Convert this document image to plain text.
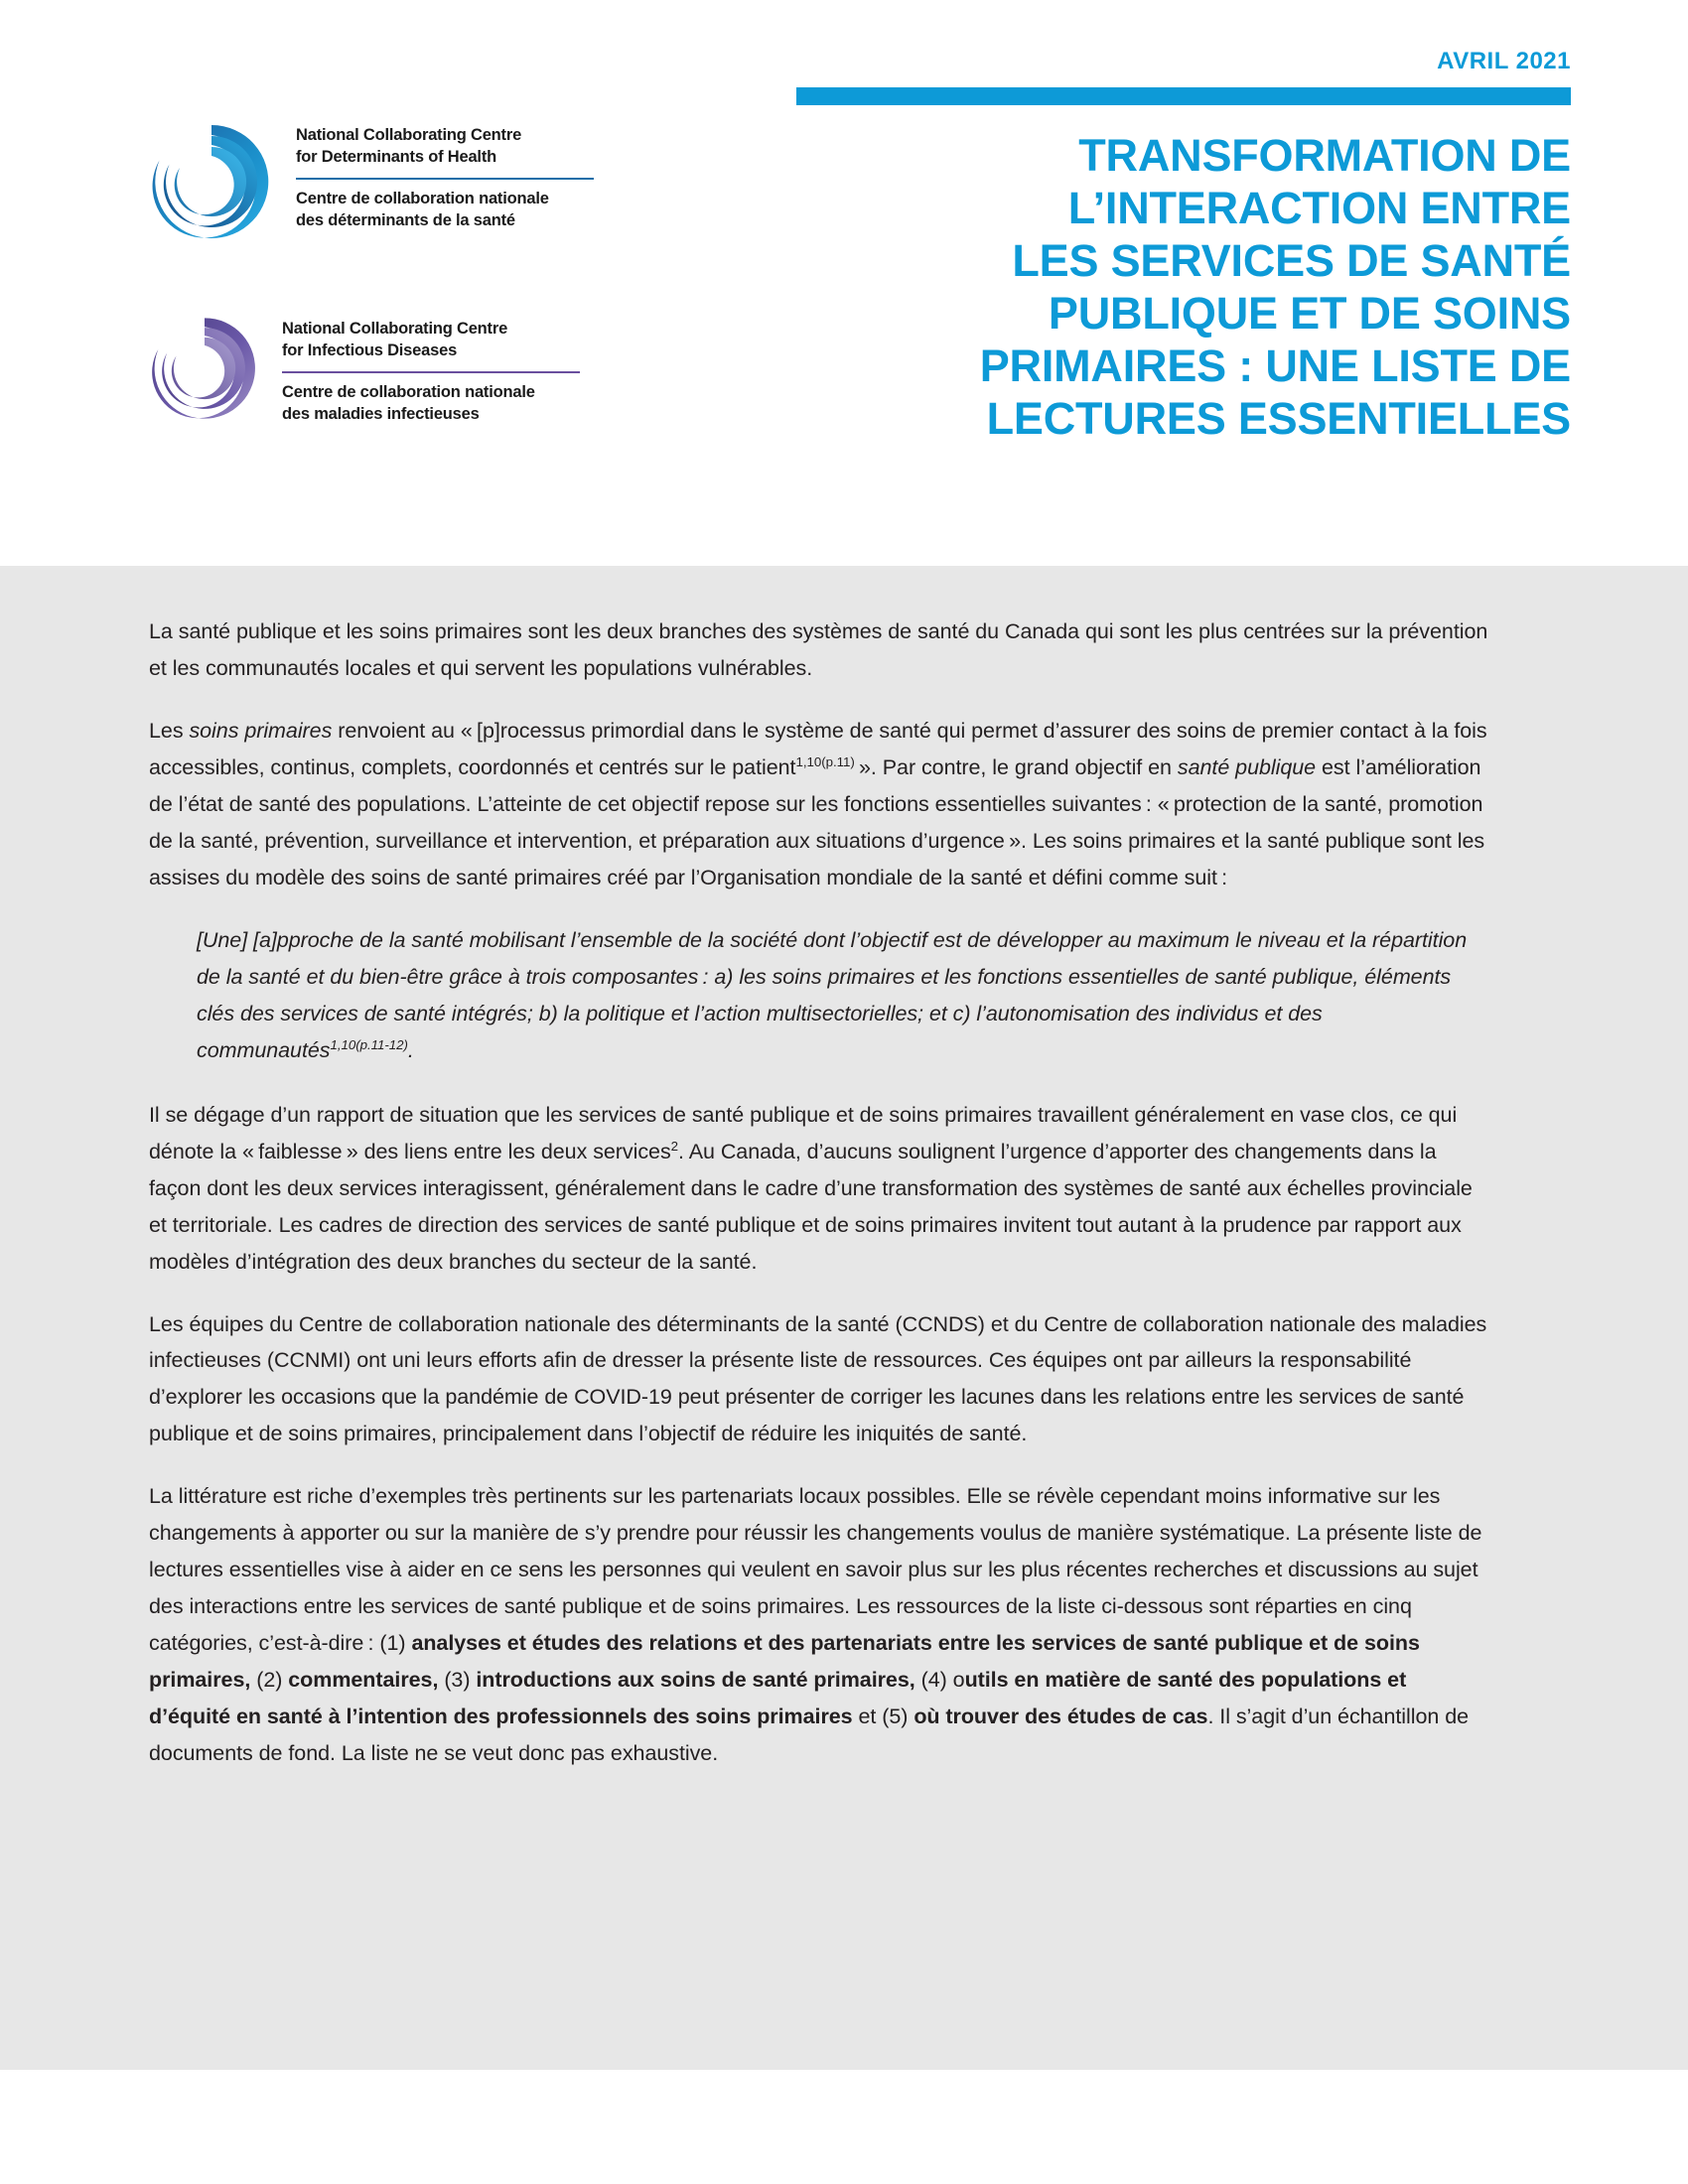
AVRIL 2021
National Collaborating Centre
for Determinants of Health
Centre de collaboration nationale
des déterminants de la santé
National Collaborating Centre
for Infectious Diseases
Centre de collaboration nationale
des maladies infectieuses
TRANSFORMATION DE
L’INTERACTION ENTRE
LES SERVICES DE SANTÉ
PUBLIQUE ET DE SOINS
PRIMAIRES : UNE LISTE DE
LECTURES ESSENTIELLES

La santé publique et les soins primaires sont les deux branches des systèmes de santé du Canada qui sont les plus centrées sur la prévention et les communautés locales et qui servent les populations vulnérables.

Les soins primaires renvoient au « [p]rocessus primordial dans le système de santé qui permet d’assurer des soins de premier contact à la fois accessibles, continus, complets, coordonnés et centrés sur le patient$^{1,10(p.11)}$ ». Par contre, le grand objectif en santé publique est l’amélioration de l’état de santé des populations. L’atteinte de cet objectif repose sur les fonctions essentielles suivantes : « protection de la santé, promotion de la santé, prévention, surveillance et intervention, et préparation aux situations d’urgence ». Les soins primaires et la santé publique sont les assises du modèle des soins de santé primaires créé par l’Organisation mondiale de la santé et défini comme suit :

[Une] [a]pproche de la santé mobilisant l’ensemble de la société dont l’objectif est de développer au maximum le niveau et la répartition de la santé et du bien-être grâce à trois composantes : a) les soins primaires et les fonctions essentielles de santé publique, éléments clés des services de santé intégrés; b) la politique et l’action multisectorielles; et c) l’autonomisation des individus et des communautés$^{1,10(p.11-12)}$.

Il se dégage d’un rapport de situation que les services de santé publique et de soins primaires travaillent généralement en vase clos, ce qui dénote la « faiblesse » des liens entre les deux services$^2$. Au Canada, d’aucuns soulignent l’urgence d’apporter des changements dans la façon dont les deux services interagissent, généralement dans le cadre d’une transformation des systèmes de santé aux échelles provinciale et territoriale. Les cadres de direction des services de santé publique et de soins primaires invitent tout autant à la prudence par rapport aux modèles d’intégration des deux branches du secteur de la santé.

Les équipes du Centre de collaboration nationale des déterminants de la santé (CCNDS) et du Centre de collaboration nationale des maladies infectieuses (CCNMI) ont uni leurs efforts afin de dresser la présente liste de ressources. Ces équipes ont par ailleurs la responsabilité d’explorer les occasions que la pandémie de COVID-19 peut présenter de corriger les lacunes dans les relations entre les services de santé publique et de soins primaires, principalement dans l’objectif de réduire les iniquités de santé.

La littérature est riche d’exemples très pertinents sur les partenariats locaux possibles. Elle se révèle cependant moins informative sur les changements à apporter ou sur la manière de s’y prendre pour réussir les changements voulus de manière systématique. La présente liste de lectures essentielles vise à aider en ce sens les personnes qui veulent en savoir plus sur les plus récentes recherches et discussions au sujet des interactions entre les services de santé publique et de soins primaires. Les ressources de la liste ci-dessous sont réparties en cinq catégories, c’est-à-dire : (1) analyses et études des relations et des partenariats entre les services de santé publique et de soins primaires, (2) commentaires, (3) introductions aux soins de santé primaires, (4) outils en matière de santé des populations et d’équité en santé à l’intention des professionnels des soins primaires et (5) où trouver des études de cas. Il s’agit d’un échantillon de documents de fond. La liste ne se veut donc pas exhaustive.
